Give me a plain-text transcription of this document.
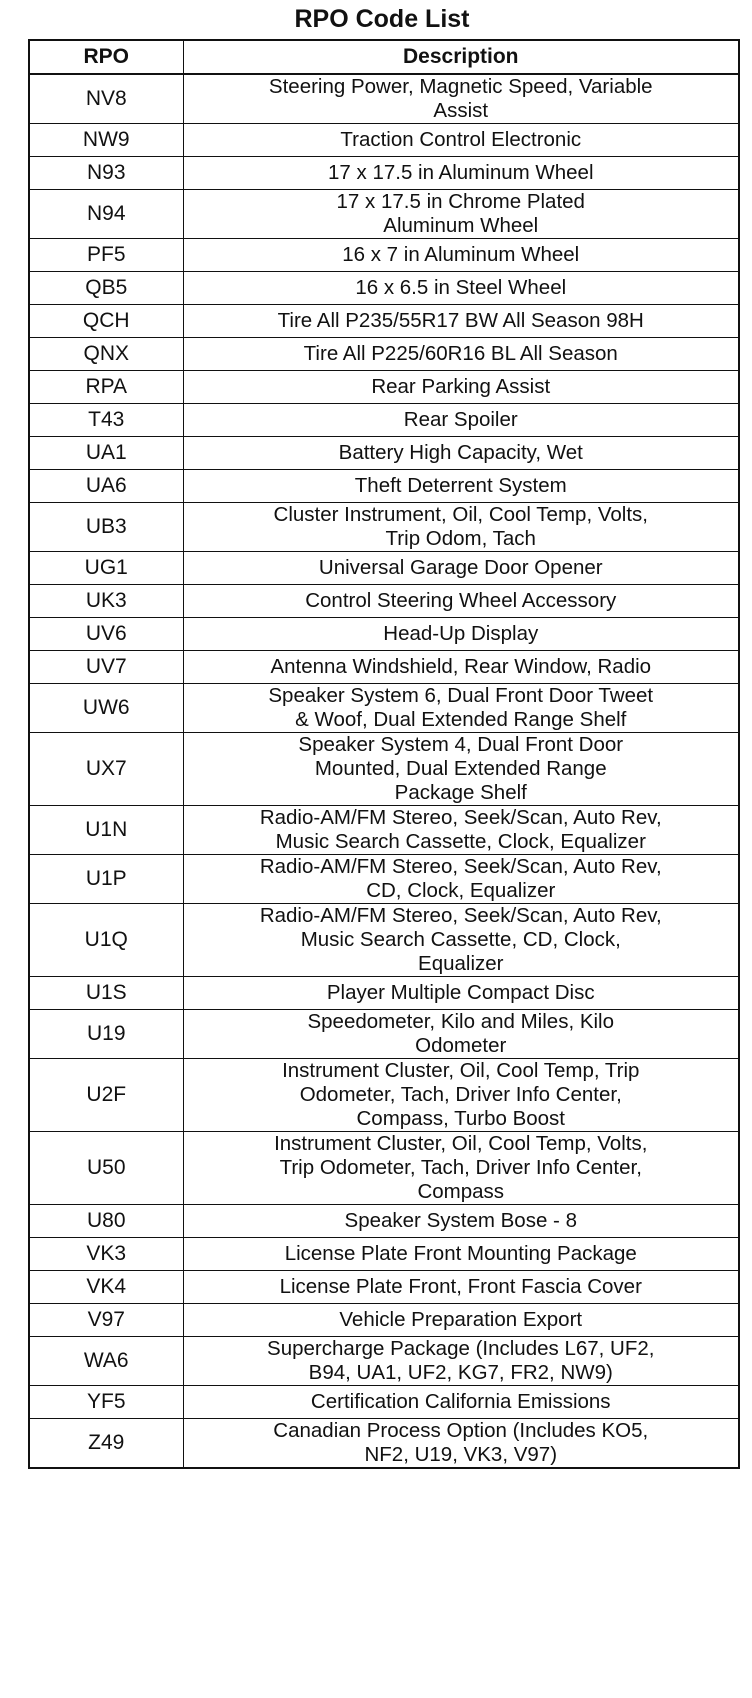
RPO Code List
RPO	Description
NV8	Steering Power, Magnetic Speed, Variable
Assist
NW9	Traction Control Electronic
N93	17 x 17.5 in Aluminum Wheel
N94	17 x 17.5 in Chrome Plated
Aluminum Wheel
PF5	16 x 7 in Aluminum Wheel
QB5	16 x 6.5 in Steel Wheel
QCH	Tire All P235/55R17 BW All Season 98H
QNX	Tire All P225/60R16 BL All Season
RPA	Rear Parking Assist
T43	Rear Spoiler
UA1	Battery High Capacity, Wet
UA6	Theft Deterrent System
UB3	Cluster Instrument, Oil, Cool Temp, Volts,
Trip Odom, Tach
UG1	Universal Garage Door Opener
UK3	Control Steering Wheel Accessory
UV6	Head-Up Display
UV7	Antenna Windshield, Rear Window, Radio
UW6	Speaker System 6, Dual Front Door Tweet
& Woof, Dual Extended Range Shelf
UX7	Speaker System 4, Dual Front Door
Mounted, Dual Extended Range
Package Shelf
U1N	Radio-AM/FM Stereo, Seek/Scan, Auto Rev,
Music Search Cassette, Clock, Equalizer
U1P	Radio-AM/FM Stereo, Seek/Scan, Auto Rev,
CD, Clock, Equalizer
U1Q	Radio-AM/FM Stereo, Seek/Scan, Auto Rev,
Music Search Cassette, CD, Clock,
Equalizer
U1S	Player Multiple Compact Disc
U19	Speedometer, Kilo and Miles, Kilo
Odometer
U2F	Instrument Cluster, Oil, Cool Temp, Trip
Odometer, Tach, Driver Info Center,
Compass, Turbo Boost
U50	Instrument Cluster, Oil, Cool Temp, Volts,
Trip Odometer, Tach, Driver Info Center,
Compass
U80	Speaker System Bose - 8
VK3	License Plate Front Mounting Package
VK4	License Plate Front, Front Fascia Cover
V97	Vehicle Preparation Export
WA6	Supercharge Package (Includes L67, UF2,
B94, UA1, UF2, KG7, FR2, NW9)
YF5	Certification California Emissions
Z49	Canadian Process Option (Includes KO5,
NF2, U19, VK3, V97)
